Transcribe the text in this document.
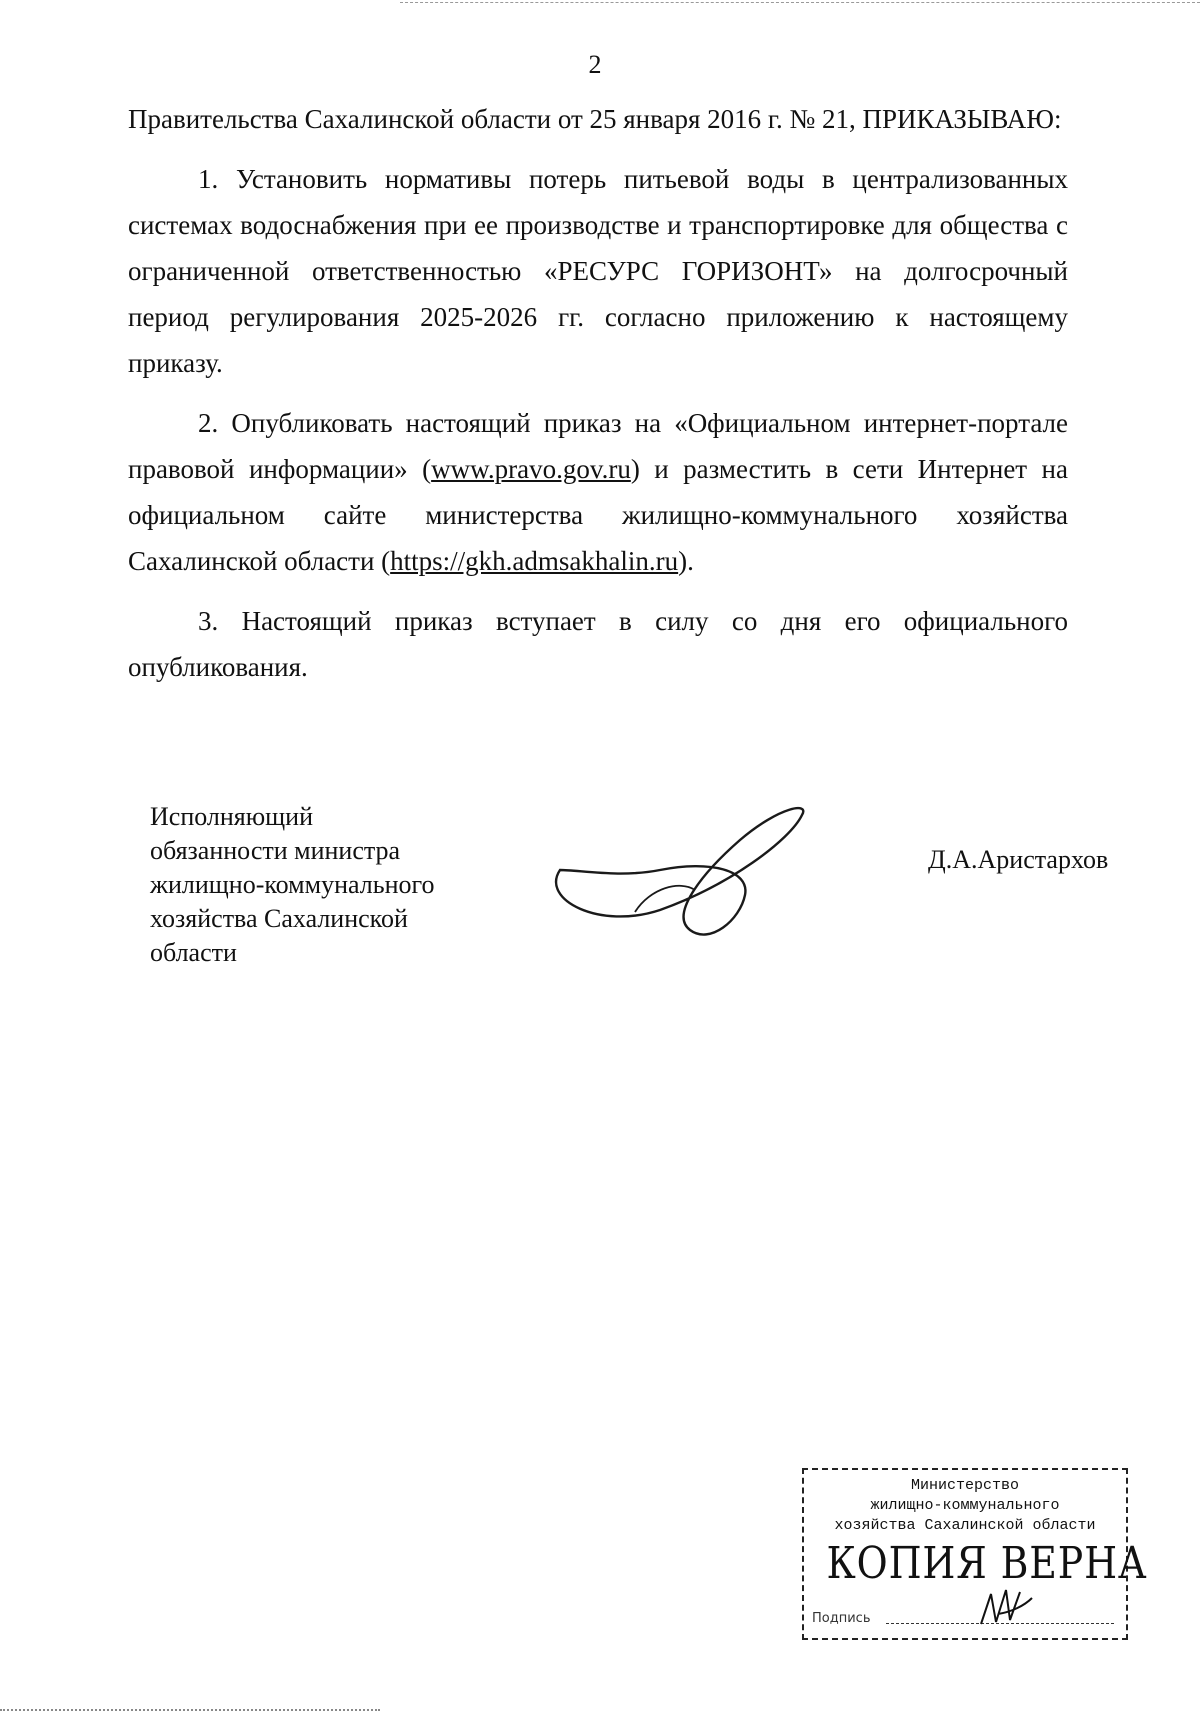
2

Правительства Сахалинской области от 25 января 2016 г. № 21, ПРИКАЗЫВАЮ:

1. Установить нормативы потерь питьевой воды в централизованных системах водоснабжения при ее производстве и транспортировке для общества с ограниченной ответственностью «РЕСУРС ГОРИЗОНТ» на долгосрочный период регулирования 2025-2026 гг. согласно приложению к настоящему приказу.

2. Опубликовать настоящий приказ на «Официальном интернет-портале правовой информации» (www.pravo.gov.ru) и разместить в сети Интернет на официальном сайте министерства жилищно-коммунального хозяйства Сахалинской области (https://gkh.admsakhalin.ru).

3. Настоящий приказ вступает в силу со дня его официального опубликования.

Исполняющий
обязанности министра
жилищно-коммунального
хозяйства Сахалинской
области
Д.А.Аристархов
Министерство
жилищно-коммунального
хозяйства Сахалинской области
КОПИЯ ВЕРНА
Подпись
